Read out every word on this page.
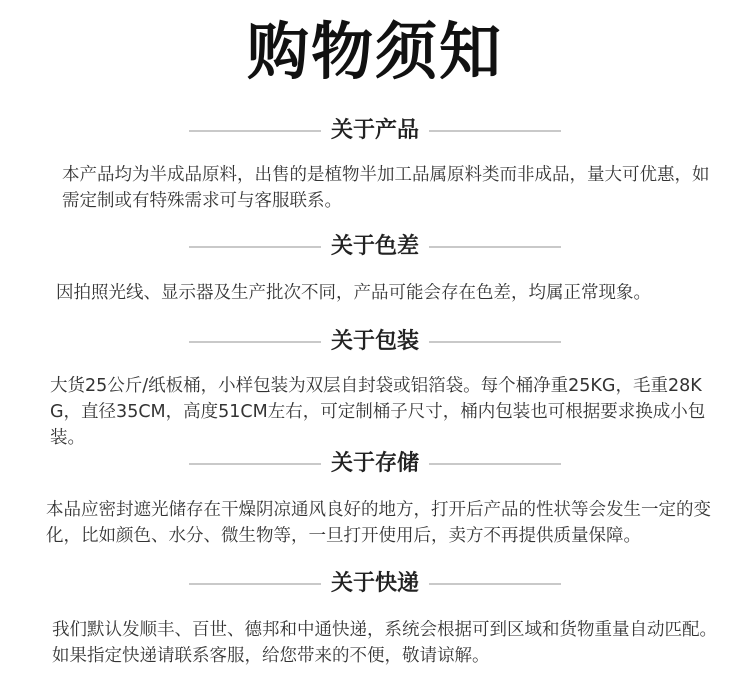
购物须知
关于产品

本产品均为半成品原料，出售的是植物半加工品属原料类而非成品，量大可优惠，如需定制或有特殊需求可与客服联系。

关于色差

因拍照光线、显示器及生产批次不同，产品可能会存在色差，均属正常现象。

关于包装

大货25公斤/纸板桶，小样包装为双层自封袋或铝箔袋。每个桶净重25KG，毛重28KG，直径35CM，高度51CM左右，可定制桶子尺寸，桶内包装也可根据要求换成小包装。

关于存储

本品应密封遮光储存在干燥阴凉通风良好的地方，打开后产品的性状等会发生一定的变化，比如颜色、水分、微生物等，一旦打开使用后，卖方不再提供质量保障。

关于快递

我们默认发顺丰、百世、德邦和中通快递，系统会根据可到区域和货物重量自动匹配。如果指定快递请联系客服，给您带来的不便，敬请谅解。
